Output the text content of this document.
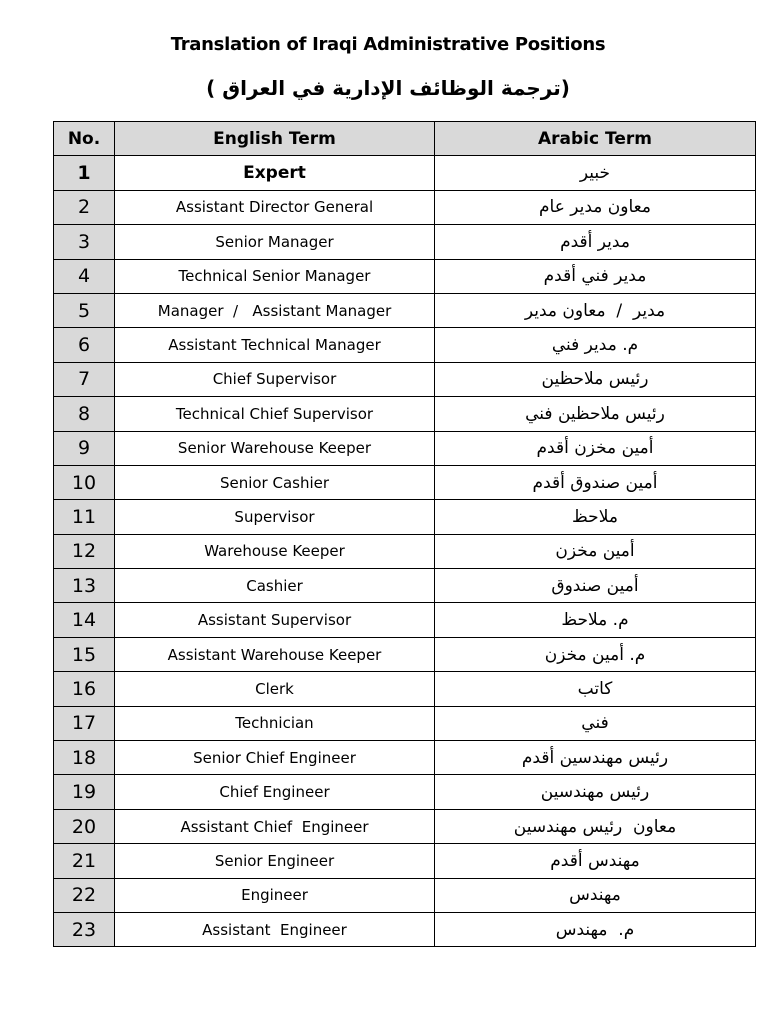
Translation of Iraqi Administrative Positions
(ترجمة الوظائف الإدارية في العراق )
No.	English Term	Arabic Term
1	Expert	خبير
2	Assistant Director General	معاون مدير عام
3	Senior Manager	مدير أقدم
4	Technical Senior Manager	مدير فني أقدم
5	Manager  /   Assistant Manager	مدير  /  معاون مدير
6	Assistant Technical Manager	م. مدير فني
7	Chief Supervisor	رئيس ملاحظين
8	Technical Chief Supervisor	رئيس ملاحظين فني
9	Senior Warehouse Keeper	أمين مخزن أقدم
10	Senior Cashier	أمين صندوق أقدم
11	Supervisor	ملاحظ
12	Warehouse Keeper	أمين مخزن
13	Cashier	أمين صندوق
14	Assistant Supervisor	م. ملاحظ
15	Assistant Warehouse Keeper	م. أمين مخزن
16	Clerk	كاتب
17	Technician	فني
18	Senior Chief Engineer	رئيس مهندسين أقدم
19	Chief Engineer	رئيس مهندسين
20	Assistant Chief  Engineer	معاون  رئيس مهندسين
21	Senior Engineer	مهندس أقدم
22	Engineer	مهندس
23	Assistant  Engineer	م.  مهندس
